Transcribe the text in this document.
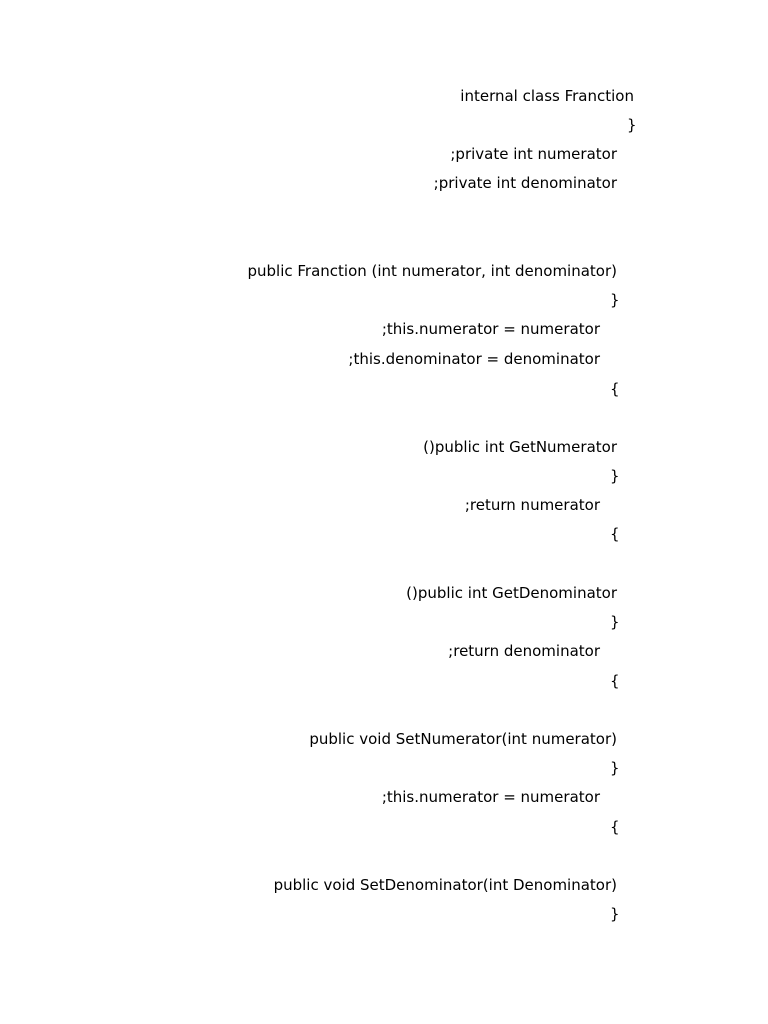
internal class Franction

}

;private int numerator

;private int denominator

public Franction (int numerator, int denominator)

}

;this.numerator = numerator

;this.denominator = denominator

{

()public int GetNumerator

}

;return numerator

{

()public int GetDenominator

}

;return denominator

{

public void SetNumerator(int numerator)

}

;this.numerator = numerator

{

public void SetDenominator(int Denominator)

}
